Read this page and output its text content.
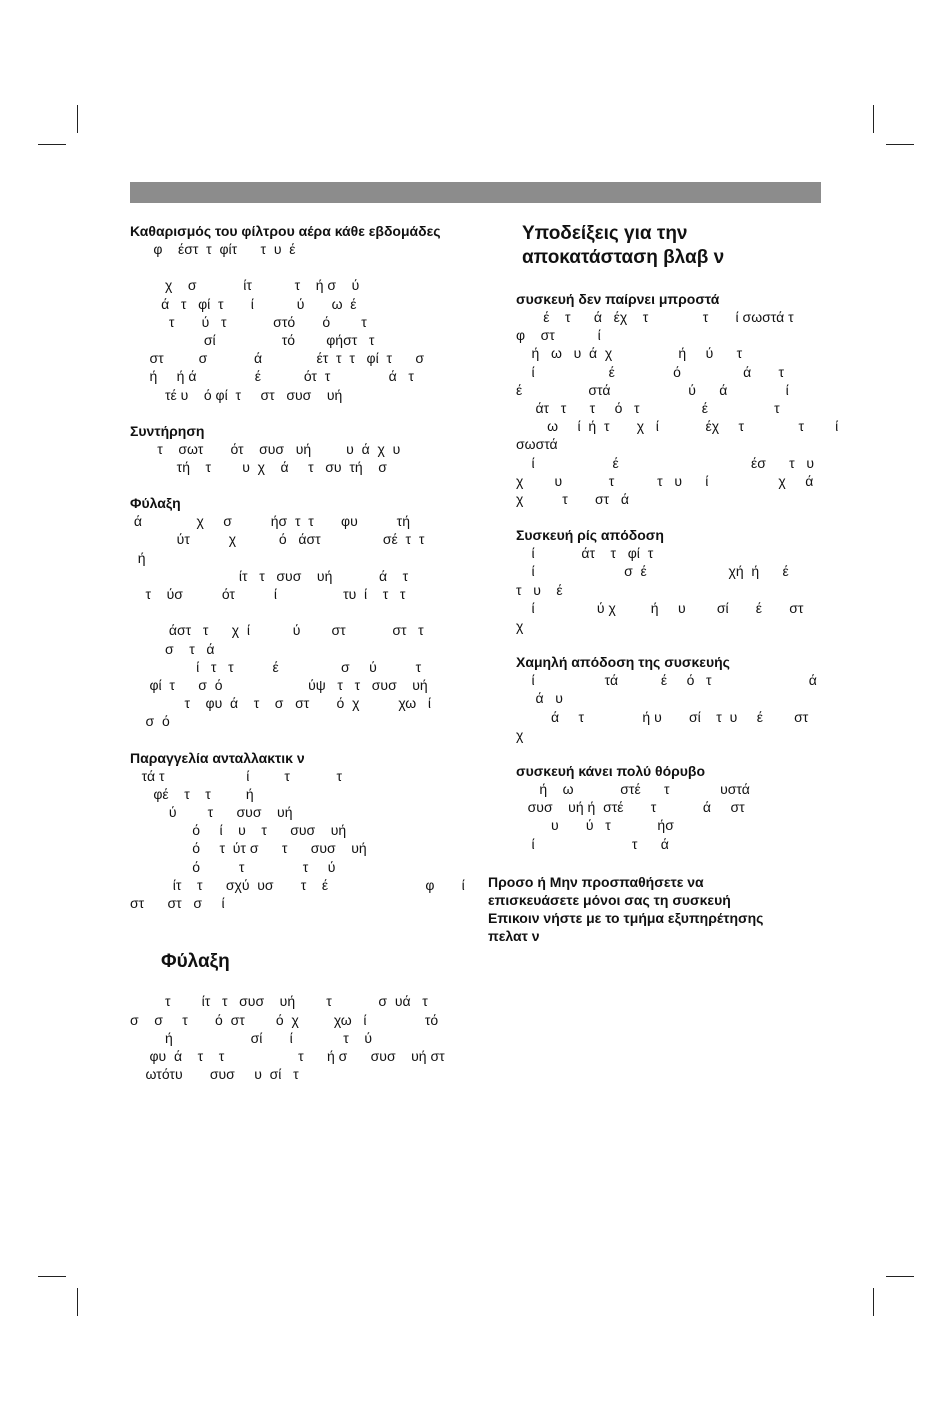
Καθαρισμός του φίλτρου αέρα κάθε εβδομάδες

φ    έστ  τ  φίτ      τ  υ  έ

χ    σ            ίτ           τ    ή σ    ύ

ά   τ   φί  τ       ί           ύ       ω  έ

τ       ύ   τ            στό       ό        τ

σί                 τό        φήστ   τ

στ         σ            ά              έτ  τ  τ   φί  τ      σ

ή     ή ά               έ           ότ  τ               ά   τ

τέ υ    ό φί  τ     στ   συσ    υή

Συντήρηση

τ    σωτ       ότ    συσ   υή         υ  ά  χ  υ

τή    τ        υ  χ    ά     τ   συ  τή    σ

Φύλαξη

ά              χ     σ          ήσ  τ  τ       φυ          τή

ύτ          χ           ό   άστ                σέ  τ  τ

ή

ίτ   τ   συσ    υή            ά    τ

τ    ύσ          ότ          ί                 τυ  ί    τ   τ

άστ   τ      χ  ί           ύ        στ            στ   τ

σ    τ   ά

ί   τ   τ          έ                σ     ύ          τ

φί  τ      σ  ό                      ύψ   τ   τ   συσ    υή

τ    φυ  ά    τ    σ   στ       ό  χ          χω   ί

σ  ό

Παραγγελία ανταλλακτικ ν

τά τ                     ί         τ            τ

φέ    τ    τ         ή

ύ        τ      συσ    υή

ό     ί    υ    τ      συσ    υή

ό     τ  ύτ σ      τ      συσ    υή

ό          τ               τ     ύ

ίτ    τ      σχύ  υσ       τ    έ                         φ       ί

στ      στ   σ     ί

Φύλαξη

τ        ίτ   τ   συσ    υή        τ            σ  υά   τ

σ    σ     τ       ό  στ        ό  χ         χω   ί               τό

ή                    σί       ί             τ    ύ

φυ  ά    τ    τ                   τ      ή σ      συσ    υή στ

ωτότυ       συσ     υ  σί   τ

Υποδείξεις για την

αποκατάσταση βλαβ ν

συσκευή δεν παίρνει μπροστά

έ    τ      ά   έχ    τ              τ       ί σωστά τ

φ    στ           ί

ή   ω   υ  ά  χ                 ή     ύ      τ

ί                   έ               ό                ά       τ

έ                 στά                    ύ      ά               ί

άτ   τ      τ     ό   τ                έ                 τ

ω     ί  ή  τ       χ   ί            έχ     τ              τ        ί

σωστά

ί                    έ                                  έσ      τ   υ

χ        υ            τ           τ   υ      ί                  χ     ά

χ          τ       στ   ά

Συσκευή ρίς απόδοση

ί            άτ    τ   φί  τ

ί                       σ  έ                     χή  ή      έ

τ   υ    έ

ί                ύ χ         ή     υ        σί       έ       στ

χ

Χαμηλή απόδοση της συσκευής

ί                  τά           έ     ό   τ                         ά

ά   υ

ά     τ               ή υ       σί    τ  υ     έ        στ

χ

συσκευή κάνει πολύ θόρυβο

ή    ω            στέ      τ             υστά

συσ    υή ή  στέ       τ            ά     στ

υ       ύ   τ            ήσ

ί                         τ      ά

Προσο ή Μην προσπαθήσετε να

επισκευάσετε μόνοι σας τη συσκευή

Επικοιν νήστε με το τμήμα εξυπηρέτησης

πελατ ν
